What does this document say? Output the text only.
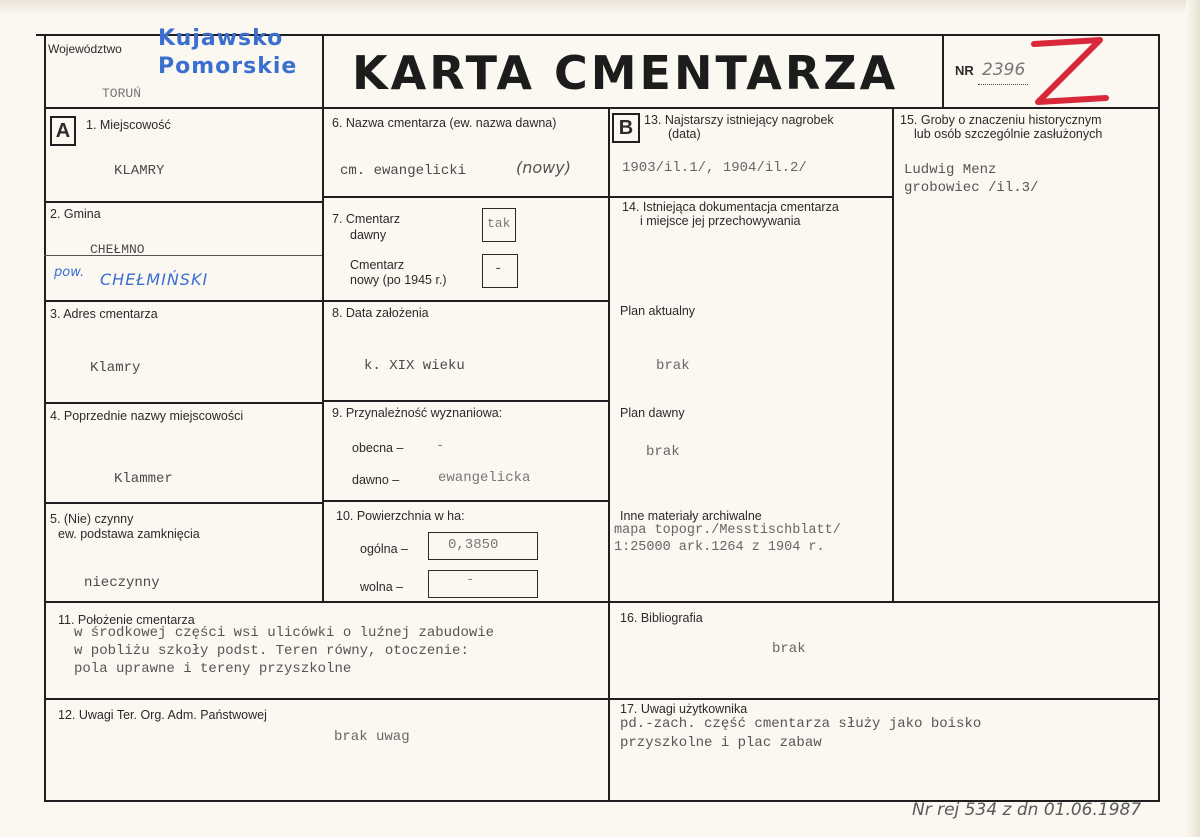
Województwo Kujawsko
Pomorskie
TORUŃ	KARTA CMENTARZA	NR 2396
A	B
1. Miejscowość
KLAMRY
2. Gmina
CHEŁMNO
pow. CHEŁMIŃSKI
3. Adres cmentarza
Klamry
4. Poprzednie nazwy miejscowości
Klammer
5. (Nie) czynny
ew. podstawa zamknięcia
nieczynny
6. Nazwa cmentarza (ew. nazwa dawna)
cm. ewangelicki	(nowy)
7. Cmentarz
dawny
tak
Cmentarz
nowy (po 1945 r.)
-
8. Data założenia
k. XIX wieku
9. Przynależność wyznaniowa:
obecna – -
dawno –	ewangelicka
10. Powierzchnia w ha:
ogólna –	0,3850
wolna –	-
13. Najstarszy istniejący nagrobek
(data)
1903/il.1/, 1904/il.2/
14. Istniejąca dokumentacja cmentarza
i miejsce jej przechowywania
Plan aktualny
brak
Plan dawny
brak
Inne materiały archiwalne
mapa topogr./Messtischblatt/
1:25000 ark.1264 z 1904 r.
15. Groby o znaczeniu historycznym
lub osób szczególnie zasłużonych
Ludwig Menz
grobowiec /il.3/
11. Położenie cmentarza
w środkowej części wsi ulicówki o luźnej zabudowie
w pobliżu szkoły podst. Teren równy, otoczenie:
pola uprawne i tereny przyszkolne
16. Bibliografia
brak
12. Uwagi Ter. Org. Adm. Państwowej
brak uwag
17. Uwagi użytkownika
pd.-zach. część cmentarza służy jako boisko
przyszkolne i plac zabaw
Nr rej 534 z dn 01.06.1987
